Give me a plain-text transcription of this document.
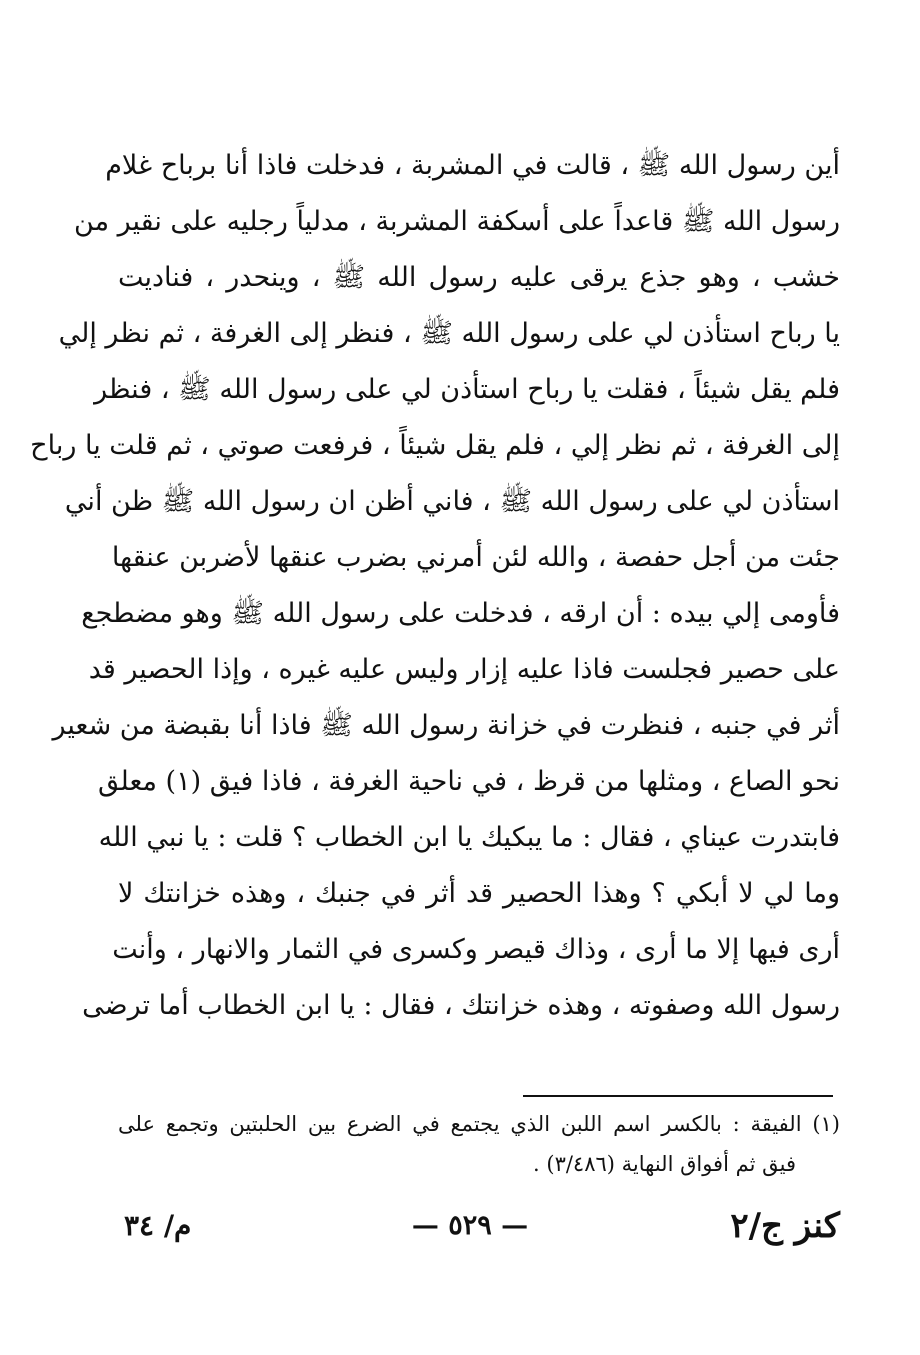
أين رسول الله ﷺ ، قالت في المشربة ، فدخلت فاذا أنا برباح غلام
رسول الله ﷺ قاعداً على أسكفة المشربة ، مدلياً رجليه على نقير من
خشب ، وهو جذع يرقى عليه رسول الله ﷺ ، وينحدر ، فناديت
يا رباح استأذن لي على رسول الله ﷺ ، فنظر إلى الغرفة ، ثم نظر إلي
فلم يقل شيئاً ، فقلت يا رباح استأذن لي على رسول الله ﷺ ، فنظر
إلى الغرفة ، ثم نظر إلي ، فلم يقل شيئاً ، فرفعت صوتي ، ثم قلت يا رباح
استأذن لي على رسول الله ﷺ ، فاني أظن ان رسول الله ﷺ ظن أني
جئت من أجل حفصة ، والله لئن أمرني بضرب عنقها لأضربن عنقها
فأومى إلي بيده : أن ارقه ، فدخلت على رسول الله ﷺ وهو مضطجع
على حصير فجلست فاذا عليه إزار وليس عليه غيره ، وإذا الحصير قد
أثر في جنبه ، فنظرت في خزانة رسول الله ﷺ فاذا أنا بقبضة من شعير
نحو الصاع ، ومثلها من قرظ ، في ناحية الغرفة ، فاذا فيق (١) معلق
فابتدرت عيناي ، فقال : ما يبكيك يا ابن الخطاب ؟ قلت : يا نبي الله
وما لي لا أبكي ؟ وهذا الحصير قد أثر في جنبك ، وهذه خزانتك لا
أرى فيها إلا ما أرى ، وذاك قيصر وكسرى في الثمار والانهار ، وأنت
رسول الله وصفوته ، وهذه خزانتك ، فقال : يا ابن الخطاب أما ترضى
(١) الفيقة : بالكسر اسم اللبن الذي يجتمع في الضرع بين الحلبتين وتجمع على
فيق ثم أفواق النهاية (٣/٤٨٦) .
كنز ج/٢
— ٥٢٩ —
م/ ٣٤
